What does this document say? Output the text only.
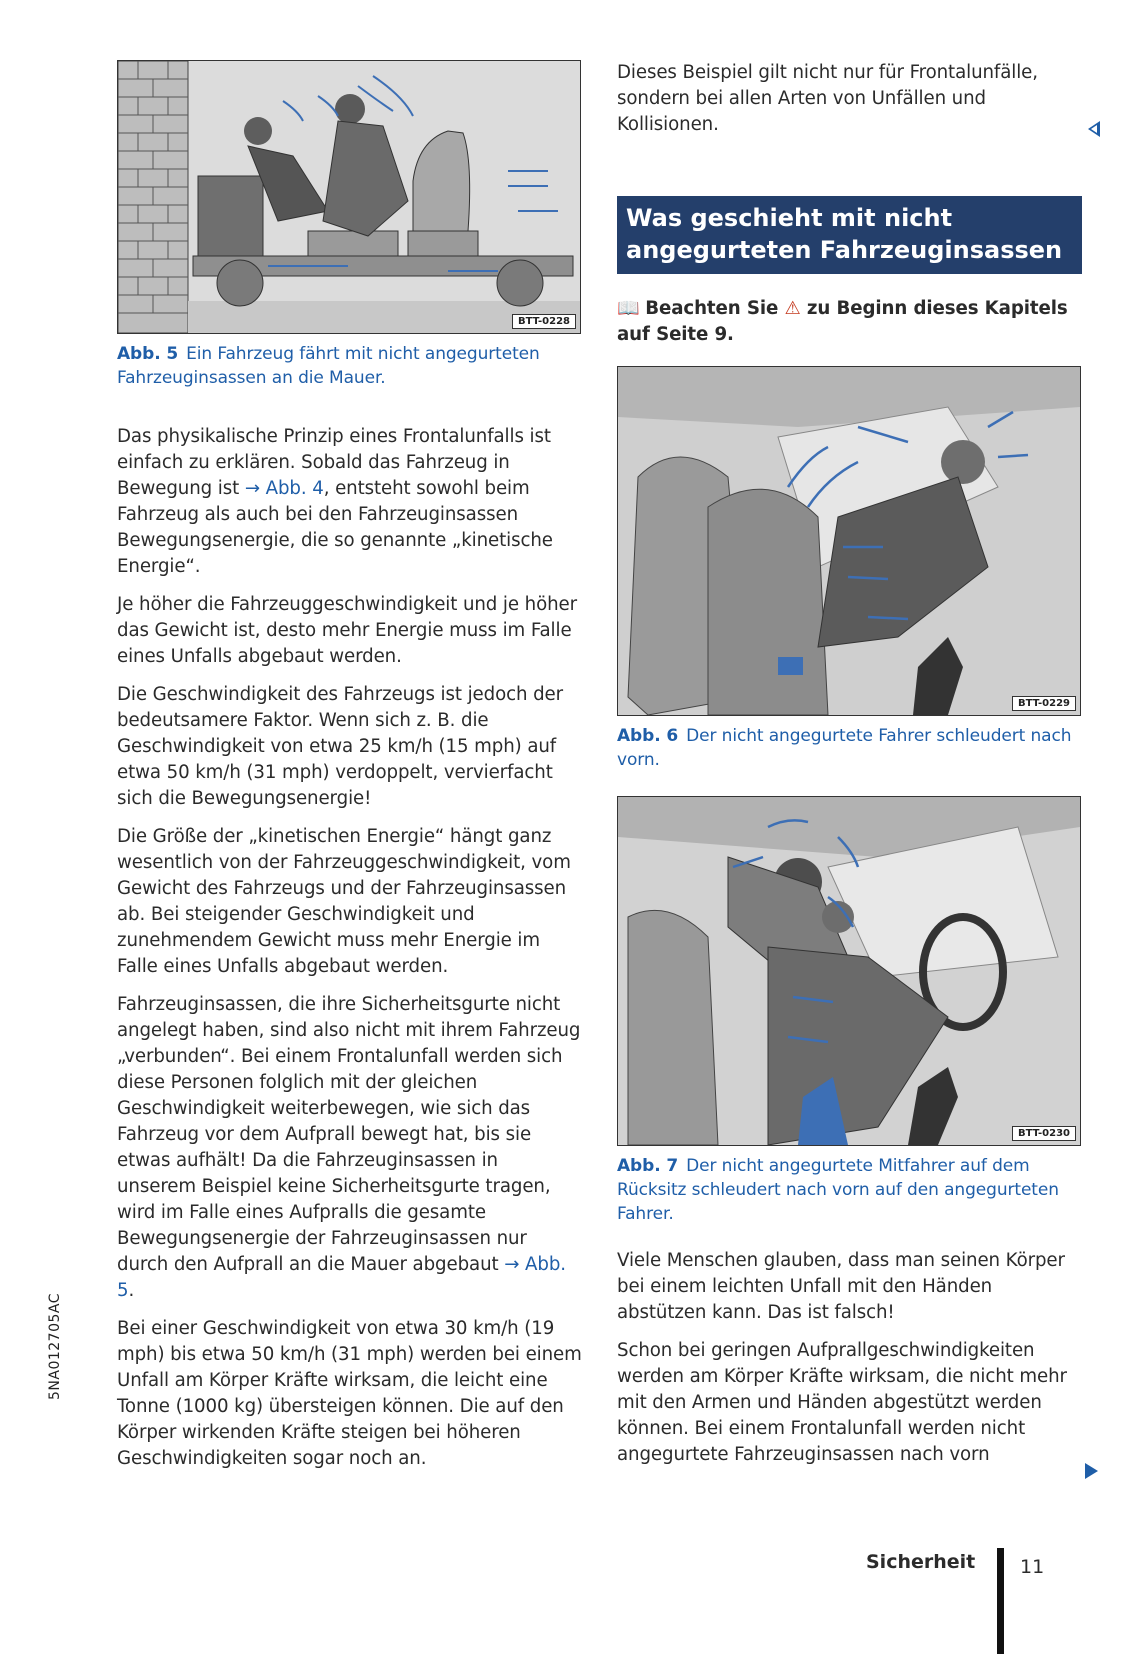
BTT-0228

Abb. 5 Ein Fahrzeug fährt mit nicht angegurteten Fahrzeuginsassen an die Mauer.

Das physikalische Prinzip eines Frontalunfalls ist einfach zu erklären. Sobald das Fahrzeug in Bewegung ist → Abb. 4, entsteht sowohl beim Fahrzeug als auch bei den Fahrzeuginsassen Bewegungsenergie, die so genannte „kinetische Energie“.

Je höher die Fahrzeuggeschwindigkeit und je höher das Gewicht ist, desto mehr Energie muss im Falle eines Unfalls abgebaut werden.

Die Geschwindigkeit des Fahrzeugs ist jedoch der bedeutsamere Faktor. Wenn sich z. B. die Geschwindigkeit von etwa 25 km/h (15 mph) auf etwa 50 km/h (31 mph) verdoppelt, vervierfacht sich die Bewegungsenergie!

Die Größe der „kinetischen Energie“ hängt ganz wesentlich von der Fahrzeuggeschwindigkeit, vom Gewicht des Fahrzeugs und der Fahrzeuginsassen ab. Bei steigender Geschwindigkeit und zunehmendem Gewicht muss mehr Energie im Falle eines Unfalls abgebaut werden.

Fahrzeuginsassen, die ihre Sicherheitsgurte nicht angelegt haben, sind also nicht mit ihrem Fahrzeug „verbunden“. Bei einem Frontalunfall werden sich diese Personen folglich mit der gleichen Geschwindigkeit weiterbewegen, wie sich das Fahrzeug vor dem Aufprall bewegt hat, bis sie etwas aufhält! Da die Fahrzeuginsassen in unserem Beispiel keine Sicherheitsgurte tragen, wird im Falle eines Aufpralls die gesamte Bewegungsenergie der Fahrzeuginsassen nur durch den Aufprall an die Mauer abgebaut → Abb. 5.

Bei einer Geschwindigkeit von etwa 30 km/h (19 mph) bis etwa 50 km/h (31 mph) werden bei einem Unfall am Körper Kräfte wirksam, die leicht eine Tonne (1000 kg) übersteigen können. Die auf den Körper wirkenden Kräfte steigen bei höheren Geschwindigkeiten sogar noch an.

Dieses Beispiel gilt nicht nur für Frontalunfälle, sondern bei allen Arten von Unfällen und Kollisionen.

Was geschieht mit nicht
angegurteten Fahrzeuginsassen

📖 Beachten Sie ⚠ zu Beginn dieses Kapitels auf Seite 9.

BTT-0229

Abb. 6 Der nicht angegurtete Fahrer schleudert nach vorn.

BTT-0230

Abb. 7 Der nicht angegurtete Mitfahrer auf dem Rücksitz schleudert nach vorn auf den angegurteten Fahrer.

Viele Menschen glauben, dass man seinen Körper bei einem leichten Unfall mit den Händen abstützen kann. Das ist falsch!

Schon bei geringen Aufprallgeschwindigkeiten werden am Körper Kräfte wirksam, die nicht mehr mit den Armen und Händen abgestützt werden können. Bei einem Frontalunfall werden nicht angegurtete Fahrzeuginsassen nach vorn

5NA012705AC
Sicherheit 11
